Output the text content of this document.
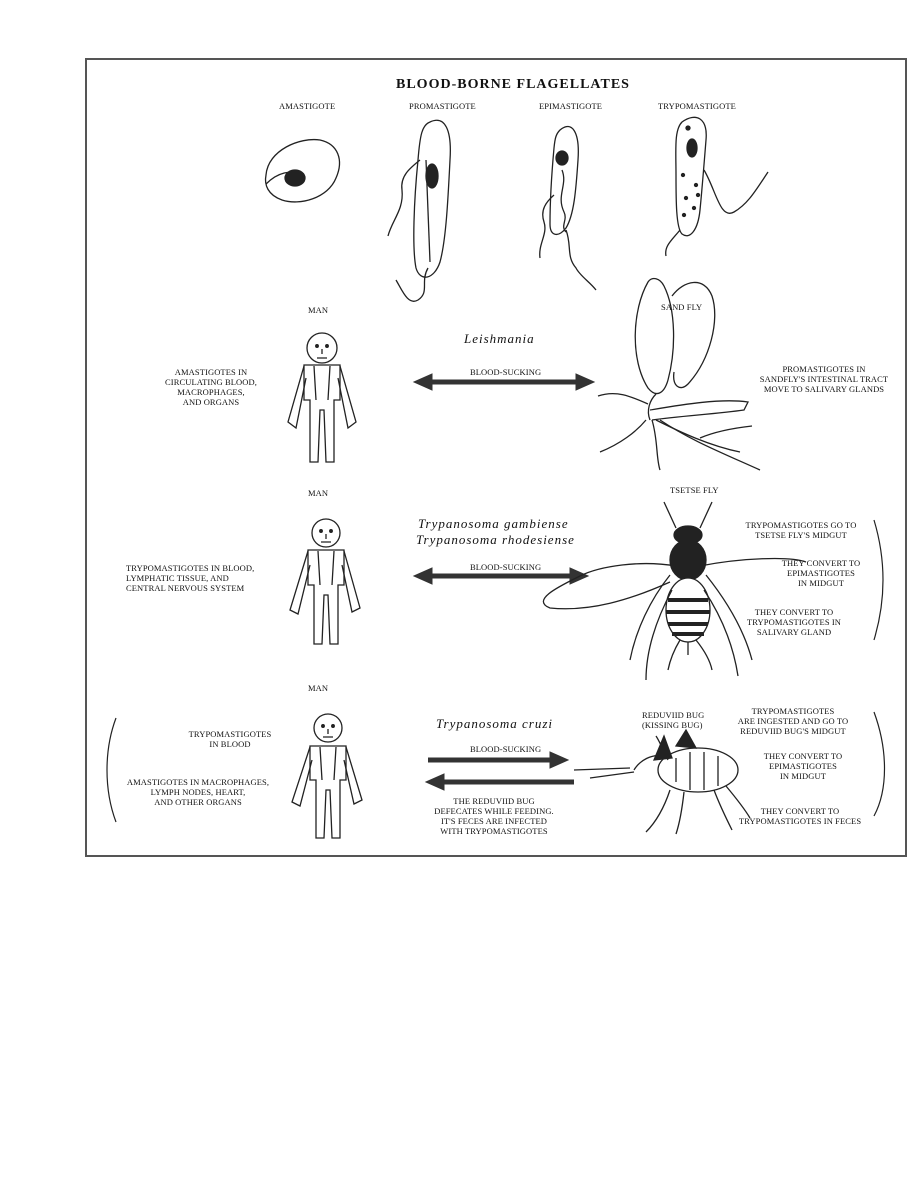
BLOOD-BORNE FLAGELLATES
AMASTIGOTE	PROMASTIGOTE	EPIMASTIGOTE	TRYPOMASTIGOTE
MAN
AMASTIGOTES IN
CIRCULATING BLOOD,
MACROPHAGES,
AND ORGANS
Leishmania
BLOOD-SUCKING
SAND FLY
PROMASTIGOTES IN
SANDFLY'S INTESTINAL TRACT
MOVE TO SALIVARY GLANDS
MAN
TRYPOMASTIGOTES IN BLOOD,
LYMPHATIC TISSUE, AND
CENTRAL NERVOUS SYSTEM
Trypanosoma gambiense
Trypanosoma rhodesiense
BLOOD-SUCKING
TSETSE FLY
TRYPOMASTIGOTES GO TO
TSETSE FLY'S MIDGUT
THEY CONVERT TO
EPIMASTIGOTES
IN MIDGUT
THEY CONVERT TO
TRYPOMASTIGOTES IN
SALIVARY GLAND
MAN
TRYPOMASTIGOTES
IN BLOOD
AMASTIGOTES IN MACROPHAGES,
LYMPH NODES, HEART,
AND OTHER ORGANS
Trypanosoma cruzi
BLOOD-SUCKING
THE REDUVIID BUG
DEFECATES WHILE FEEDING.
IT'S FECES ARE INFECTED
WITH TRYPOMASTIGOTES
REDUVIID BUG
(KISSING BUG)
TRYPOMASTIGOTES
ARE INGESTED AND GO TO
REDUVIID BUG'S MIDGUT
THEY CONVERT TO
EPIMASTIGOTES
IN MIDGUT
THEY CONVERT TO
TRYPOMASTIGOTES IN FECES
